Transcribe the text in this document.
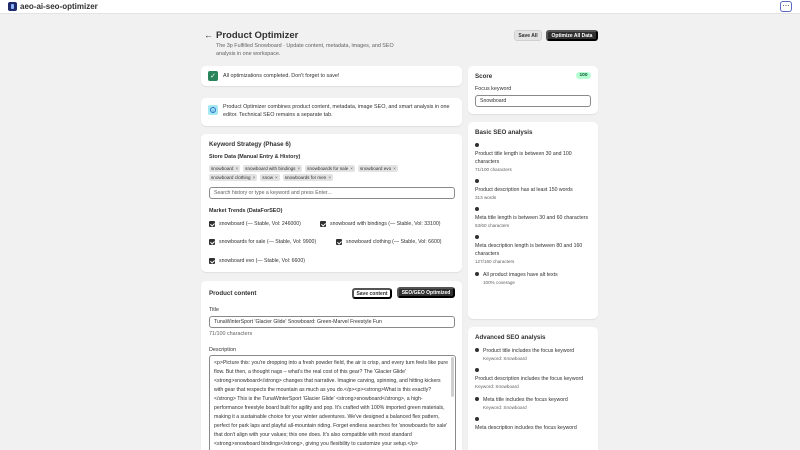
aeo-ai-seo-optimizer	⋯
← Product Optimizer
The 3p Fulfilled Snowboard · Update content, metadata, images, and SEO analysis in one workspace.
Save All	Optimize All Data
✓	All optimizations completed. Don't forget to save!
i	Product Optimizer combines product content, metadata, image SEO, and smart analysis in one editor. Technical SEO remains a separate tab.
Keyword Strategy (Phase 6)
Store Data (Manual Entry & History)
snowboard × snowboard with bindings × snowboards for sale × snowboard evo ×
snowboard clothing × snow × snowboards for men ×
Search history or type a keyword and press Enter...
Market Trends (DataForSEO)
snowboard (— Stable, Vol: 246000)	snowboard with bindings (— Stable, Vol: 33100)
snowboards for sale (— Stable, Vol: 9900)	snowboard clothing (— Stable, Vol: 6600)
snowboard evo (— Stable, Vol: 6600)
Product content	Save content	SEO/GEO Optimized
Title
TunaWinterSport 'Glacier Glide' Snowboard: Green-Marvel Freestyle Fun
71/100 characters
Description
<p>Picture this: you're dropping into a fresh powder field, the air is crisp, and every turn feels like pure flow. But then, a thought nags – what's the real cost of this gear? The 'Glacier Glide' <strong>snowboard</strong> changes that narrative. Imagine carving, spinning, and hitting kickers with gear that respects the mountain as much as you do.</p><p><strong>What is this exactly?</strong> This is the TunaWinterSport 'Glacier Glide' <strong>snowboard</strong>, a high-performance freestyle board built for agility and pop. It's crafted with 100% imported green materials, making it a sustainable choice for your winter adventures. We've designed a balanced flex pattern, perfect for park laps and playful all-mountain riding. Forget endless searches for 'snowboards for sale' that don't align with your values; this one does. It's also compatible with most standard <strong>snowboard bindings</strong>, giving you flexibility to customize your setup.</p>
Score	100
Focus keyword
Snowboard
Basic SEO analysis
Product title length is between 30 and 100 characters
71/100 characters
Product description has at least 150 words
313 words
Meta title length is between 30 and 60 characters
53/60 characters
Meta description length is between 80 and 160 characters
127/160 characters
All product images have alt texts
100% coverage
Advanced SEO analysis
Product title includes the focus keyword
Keyword: Snowboard
Product description includes the focus keyword
Keyword: Snowboard
Meta title includes the focus keyword
Keyword: Snowboard
Meta description includes the focus keyword
